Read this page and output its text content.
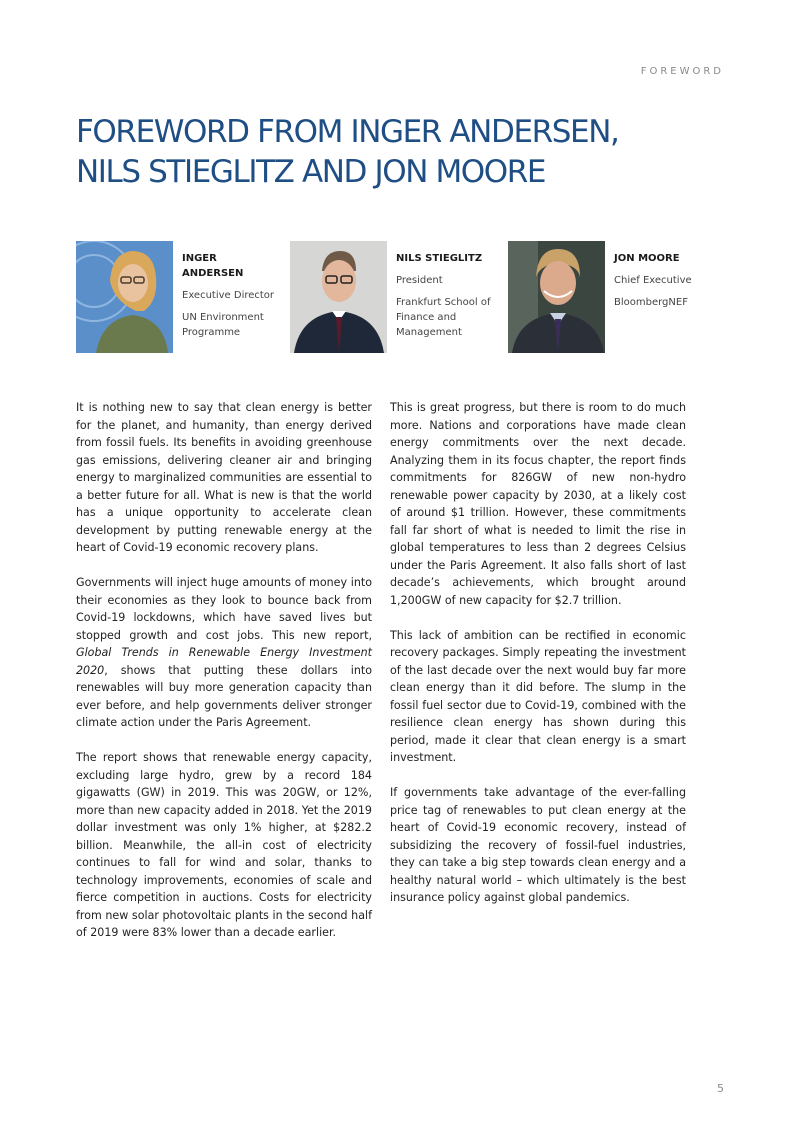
FOREWORD
FOREWORD FROM INGER ANDERSEN,
NILS STIEGLITZ AND JON MOORE
INGER ANDERSEN
Executive Director
UN Environment Programme
NILS STIEGLITZ
President
Frankfurt School of Finance and Management
JON MOORE
Chief Executive
BloombergNEF

It is nothing new to say that clean energy is better for the planet, and humanity, than energy derived from fossil fuels. Its benefits in avoiding greenhouse gas emissions, delivering cleaner air and bringing energy to marginalized communities are essential to a better future for all. What is new is that the world has a unique opportunity to accelerate clean development by putting renewable energy at the heart of Covid-19 economic recovery plans.

Governments will inject huge amounts of money into their economies as they look to bounce back from Covid-19 lockdowns, which have saved lives but stopped growth and cost jobs. This new report, Global Trends in Renewable Energy Investment 2020, shows that putting these dollars into renewables will buy more generation capacity than ever before, and help governments deliver stronger climate action under the Paris Agreement.

The report shows that renewable energy capacity, excluding large hydro, grew by a record 184 gigawatts (GW) in 2019. This was 20GW, or 12%, more than new capacity added in 2018. Yet the 2019 dollar investment was only 1% higher, at $282.2 billion. Meanwhile, the all-in cost of electricity continues to fall for wind and solar, thanks to technology improvements, economies of scale and fierce competition in auctions. Costs for electricity from new solar photovoltaic plants in the second half of 2019 were 83% lower than a decade earlier.

This is great progress, but there is room to do much more. Nations and corporations have made clean energy commitments over the next decade. Analyzing them in its focus chapter, the report finds commitments for 826GW of new non-hydro renewable power capacity by 2030, at a likely cost of around $1 trillion. However, these commitments fall far short of what is needed to limit the rise in global temperatures to less than 2 degrees Celsius under the Paris Agreement. It also falls short of last decade’s achievements, which brought around 1,200GW of new capacity for $2.7 trillion.

This lack of ambition can be rectified in economic recovery packages. Simply repeating the investment of the last decade over the next would buy far more clean energy than it did before. The slump in the fossil fuel sector due to Covid-19, combined with the resilience clean energy has shown during this period, made it clear that clean energy is a smart investment.

If governments take advantage of the ever-falling price tag of renewables to put clean energy at the heart of Covid-19 economic recovery, instead of subsidizing the recovery of fossil-fuel industries, they can take a big step towards clean energy and a healthy natural world – which ultimately is the best insurance policy against global pandemics.

5
